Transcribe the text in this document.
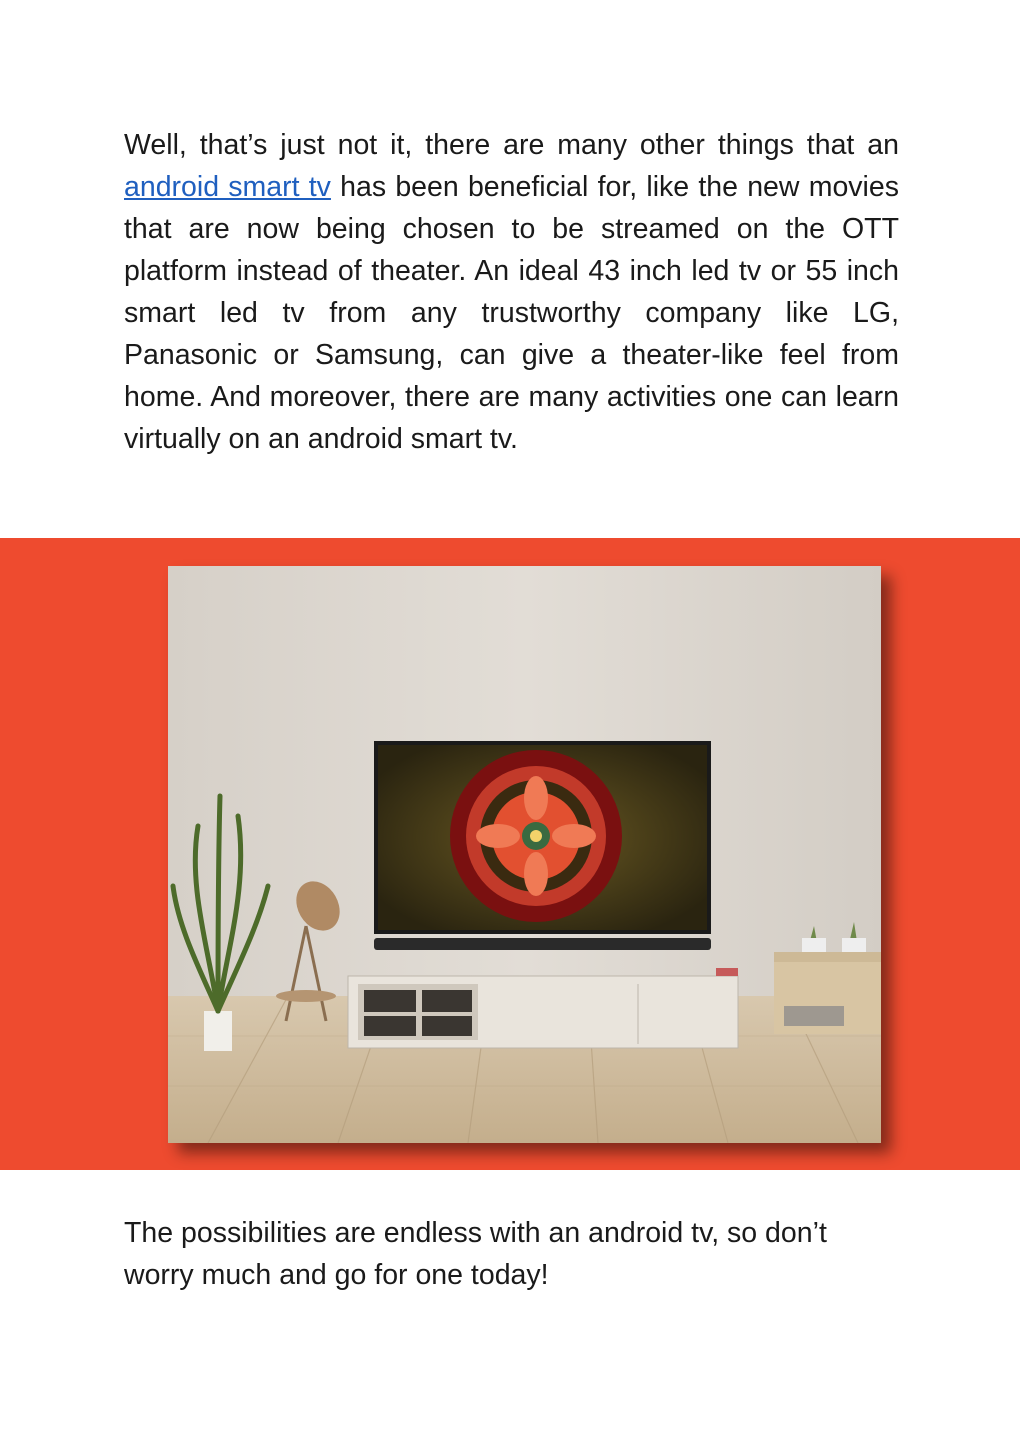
Well, that’s just not it, there are many other things that an android smart tv has been beneficial for, like the new movies that are now being chosen to be streamed on the OTT platform instead of theater. An ideal 43 inch led tv or 55 inch smart led tv from any trustworthy company like LG, Panasonic or Samsung, can give a theater-like feel from home. And moreover, there are many activities one can learn virtually on an android smart tv.

The possibilities are endless with an android tv, so don’t worry much and go for one today!
